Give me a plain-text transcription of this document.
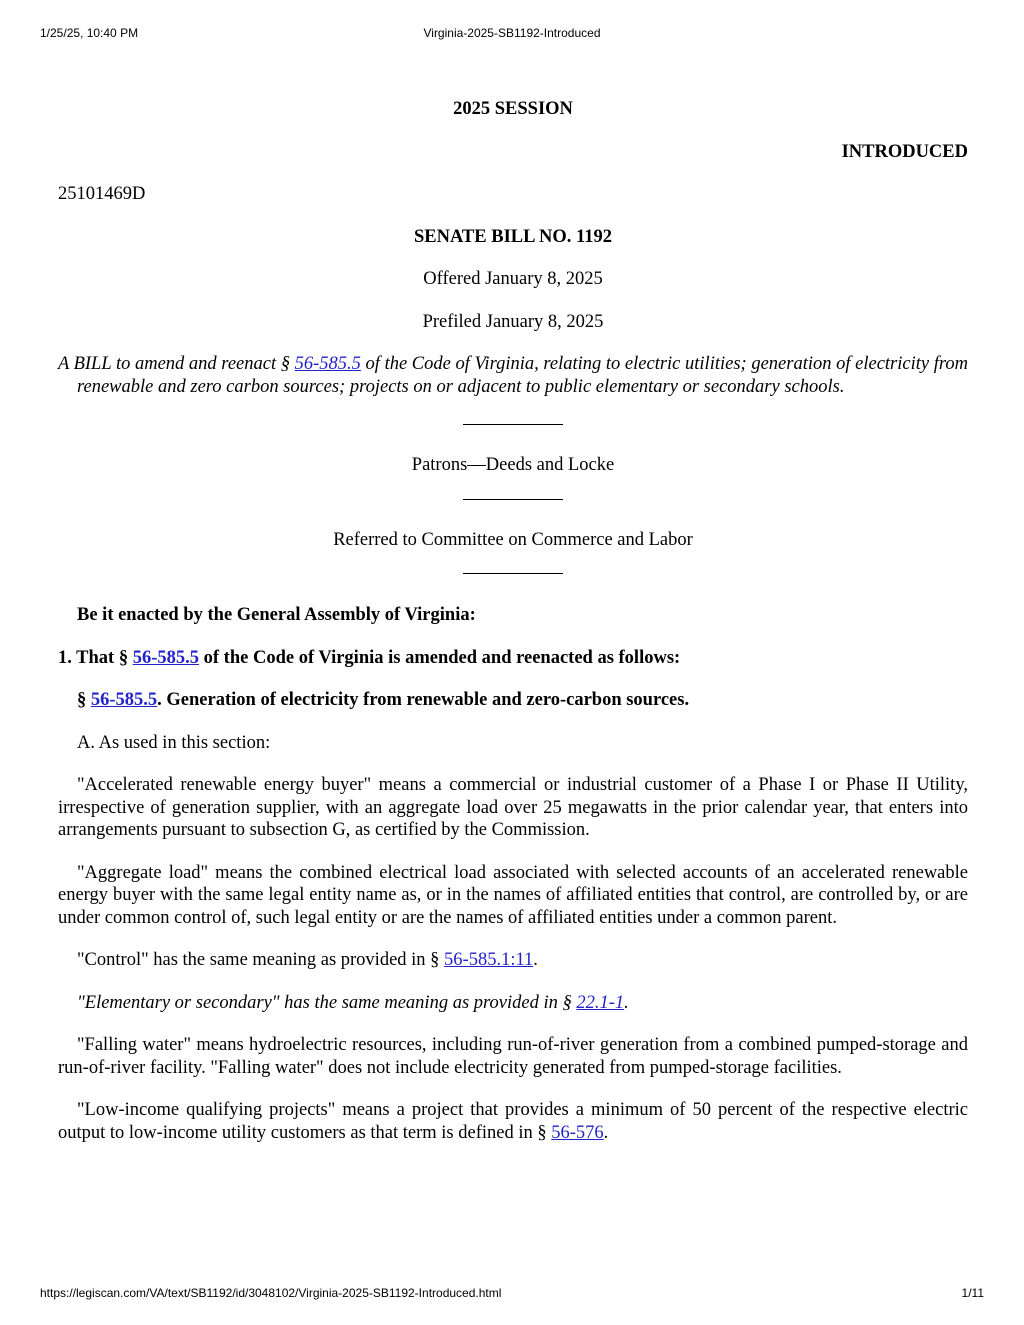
1/25/25, 10:40 PM	Virginia-2025-SB1192-Introduced

2025 SESSION

INTRODUCED

25101469D

SENATE BILL NO. 1192

Offered January 8, 2025

Prefiled January 8, 2025

A BILL to amend and reenact § 56-585.5 of the Code of Virginia, relating to electric utilities; generation of electricity from renewable and zero carbon sources; projects on or adjacent to public elementary or secondary schools.

Patrons—Deeds and Locke

Referred to Committee on Commerce and Labor

Be it enacted by the General Assembly of Virginia:

1. That § 56-585.5 of the Code of Virginia is amended and reenacted as follows:

§ 56-585.5. Generation of electricity from renewable and zero-carbon sources.

A. As used in this section:

"Accelerated renewable energy buyer" means a commercial or industrial customer of a Phase I or Phase II Utility, irrespective of generation supplier, with an aggregate load over 25 megawatts in the prior calendar year, that enters into arrangements pursuant to subsection G, as certified by the Commission.

"Aggregate load" means the combined electrical load associated with selected accounts of an accelerated renewable energy buyer with the same legal entity name as, or in the names of affiliated entities that control, are controlled by, or are under common control of, such legal entity or are the names of affiliated entities under a common parent.

"Control" has the same meaning as provided in § 56-585.1:11.

"Elementary or secondary" has the same meaning as provided in § 22.1-1.

"Falling water" means hydroelectric resources, including run-of-river generation from a combined pumped-storage and run-of-river facility. "Falling water" does not include electricity generated from pumped-storage facilities.

"Low-income qualifying projects" means a project that provides a minimum of 50 percent of the respective electric output to low-income utility customers as that term is defined in § 56-576.

https://legiscan.com/VA/text/SB1192/id/3048102/Virginia-2025-SB1192-Introduced.html	1/11
